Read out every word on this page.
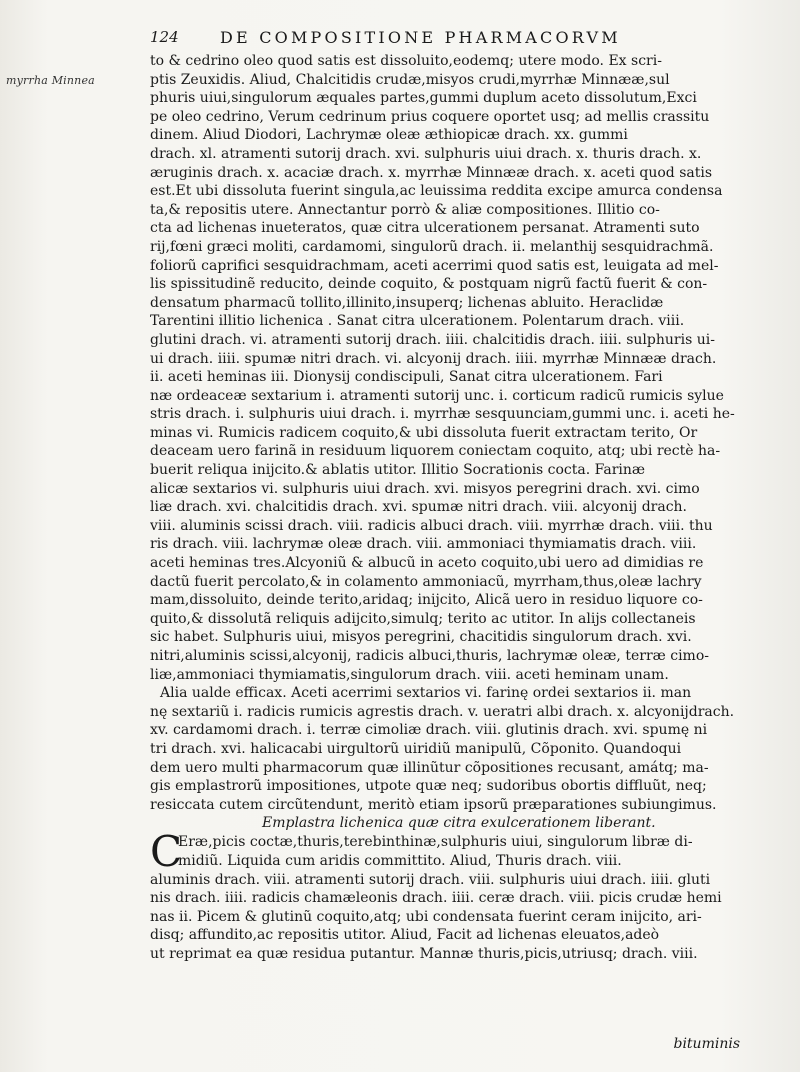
myrrha Minnea
124	DE COMPOSITIONE PHARMACORVM
to & cedrino oleo quod satis est dissoluito,eodemq; utere modo. Ex scri-
ptis Zeuxidis. Aliud, Chalcitidis crudæ,misyos crudi,myrrhæ Minnææ,sul
phuris uiui,singulorum æquales partes,gummi duplum aceto dissolutum,Exci
pe oleo cedrino, Verum cedrinum prius coquere oportet usq; ad mellis crassitu
dinem. Aliud Diodori, Lachrymæ oleæ æthiopicæ drach. xx. gummi
drach. xl. atramenti sutorij drach. xvi. sulphuris uiui drach. x. thuris drach. x.
æruginis drach. x. acaciæ drach. x. myrrhæ Minnææ drach. x. aceti quod satis
est.Et ubi dissoluta fuerint singula,ac leuissima reddita excipe amurca condensa
ta,& repositis utere. Annectantur porrò & aliæ compositiones. Illitio co-
cta ad lichenas inueteratos, quæ citra ulcerationem persanat. Atramenti suto
rij,fœni græci moliti, cardamomi, singulorũ drach. ii. melanthij sesquidrachmã.
foliorũ caprifici sesquidrachmam, aceti acerrimi quod satis est, leuigata ad mel-
lis spissitudinẽ reducito, deinde coquito, & postquam nigrũ factũ fuerit & con-
densatum pharmacũ tollito,illinito,insuperq; lichenas abluito. Heraclidæ
Tarentini illitio lichenica . Sanat citra ulcerationem. Polentarum drach. viii.
glutini drach. vi. atramenti sutorij drach. iiii. chalcitidis drach. iiii. sulphuris ui-
ui drach. iiii. spumæ nitri drach. vi. alcyonij drach. iiii. myrrhæ Minnææ drach.
ii. aceti heminas iii. Dionysij condiscipuli, Sanat citra ulcerationem. Fari
næ ordeaceæ sextarium i. atramenti sutorij unc. i. corticum radicũ rumicis sylue
stris drach. i. sulphuris uiui drach. i. myrrhæ sesquunciam,gummi unc. i. aceti he-
minas vi. Rumicis radicem coquito,& ubi dissoluta fuerit extractam terito, Or
deaceam uero farinã in residuum liquorem coniectam coquito, atq; ubi rectè ha-
buerit reliqua inijcito.& ablatis utitor. Illitio Socrationis cocta. Farinæ
alicæ sextarios vi. sulphuris uiui drach. xvi. misyos peregrini drach. xvi. cimo
liæ drach. xvi. chalcitidis drach. xvi. spumæ nitri drach. viii. alcyonij drach.
viii. aluminis scissi drach. viii. radicis albuci drach. viii. myrrhæ drach. viii. thu
ris drach. viii. lachrymæ oleæ drach. viii. ammoniaci thymiamatis drach. viii.
aceti heminas tres.Alcyoniũ & albucũ in aceto coquito,ubi uero ad dimidias re
dactũ fuerit percolato,& in colamento ammoniacũ, myrrham,thus,oleæ lachry
mam,dissoluito, deinde terito,aridaq; inijcito, Alicã uero in residuo liquore co-
quito,& dissolutã reliquis adijcito,simulq; terito ac utitor. In alijs collectaneis
sic habet. Sulphuris uiui, misyos peregrini, chacitidis singulorum drach. xvi.
nitri,aluminis scissi,alcyonij, radicis albuci,thuris, lachrymæ oleæ, terræ cimo-
liæ,ammoniaci thymiamatis,singulorum drach. viii. aceti heminam unam.
Alia ualde efficax. Aceti acerrimi sextarios vi. farinę ordei sextarios ii. man
nę sextariũ i. radicis rumicis agrestis drach. v. ueratri albi drach. x. alcyonijdrach.
xv. cardamomi drach. i. terræ cimoliæ drach. viii. glutinis drach. xvi. spumę ni
tri drach. xvi. halicacabi uirgultorũ uiridiũ manipulũ, Cõponito. Quandoqui
dem uero multi pharmacorum quæ illinũtur cõpositiones recusant, amátq; ma-
gis emplastrorũ impositiones, utpote quæ neq; sudoribus obortis diffluũt, neq;
resiccata cutem circũtendunt, meritò etiam ipsorũ præparationes subiungimus.
Emplastra lichenica quæ citra exulcerationem liberant.
C
Eræ,picis coctæ,thuris,terebinthinæ,sulphuris uiui, singulorum libræ di-
midiũ. Liquida cum aridis committito. Aliud, Thuris drach. viii.
aluminis drach. viii. atramenti sutorij drach. viii. sulphuris uiui drach. iiii. gluti
nis drach. iiii. radicis chamæleonis drach. iiii. ceræ drach. viii. picis crudæ hemi
nas ii. Picem & glutinũ coquito,atq; ubi condensata fuerint ceram inijcito, ari-
disq; affundito,ac repositis utitor. Aliud, Facit ad lichenas eleuatos,adeò
ut reprimat ea quæ residua putantur. Mannæ thuris,picis,utriusq; drach. viii.
bituminis
